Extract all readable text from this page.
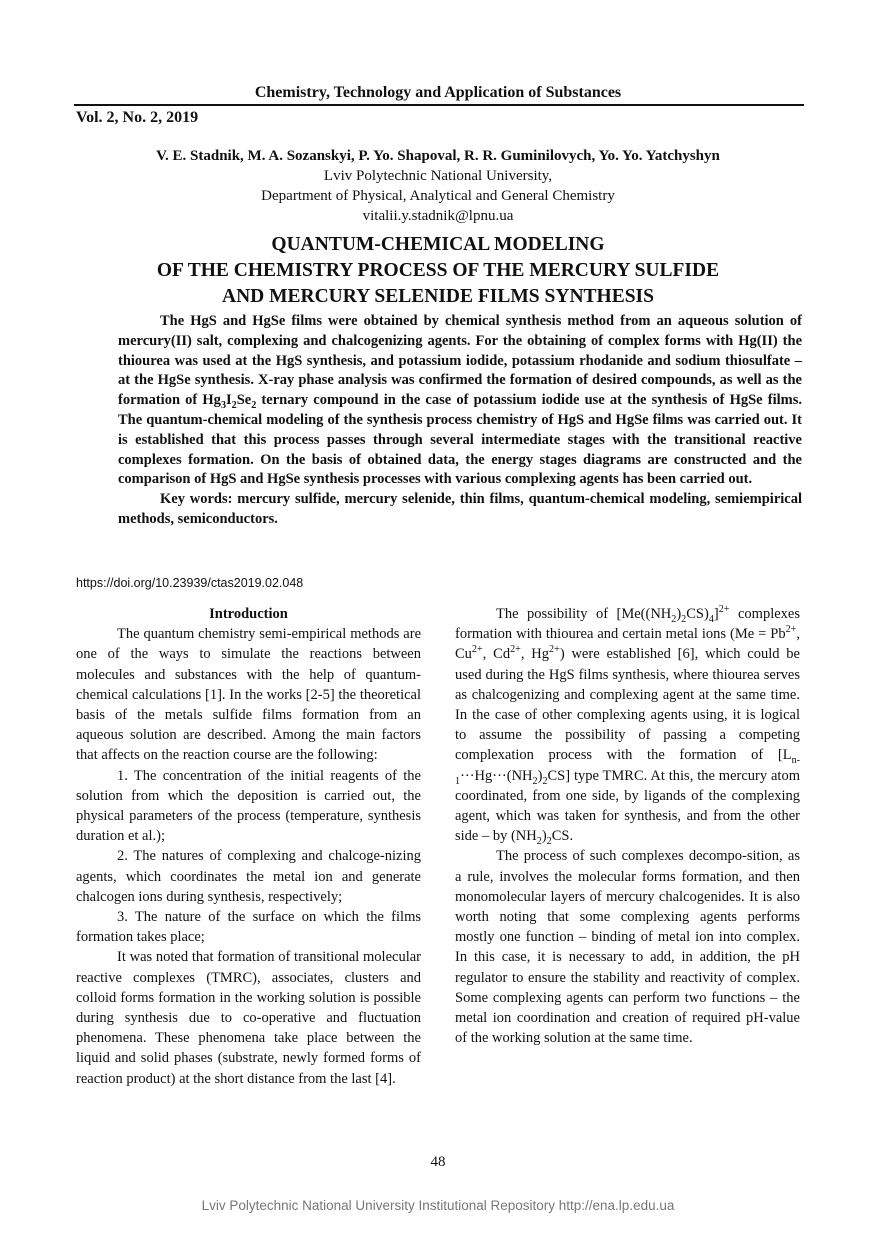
Chemistry, Technology and Application of Substances
Vol. 2, No. 2, 2019
V. E. Stadnik, M. A. Sozanskyi, P. Yo. Shapoval, R. R. Guminilovych, Yo. Yo. Yatchyshyn
Lviv Polytechnic National University,
Department of Physical, Analytical and General Chemistry
vitalii.y.stadnik@lpnu.ua
QUANTUM-CHEMICAL MODELING
OF THE CHEMISTRY PROCESS OF THE MERCURY SULFIDE
AND MERCURY SELENIDE FILMS SYNTHESIS

The HgS and HgSe films were obtained by chemical synthesis method from an aqueous solution of mercury(II) salt, complexing and chalcogenizing agents. For the obtaining of complex forms with Hg(II) the thiourea was used at the HgS synthesis, and potassium iodide, potassium rhodanide and sodium thiosulfate – at the HgSe synthesis. X-ray phase analysis was confirmed the formation of desired compounds, as well as the formation of $Hg_3I_2Se_2$ ternary compound in the case of potassium iodide use at the synthesis of HgSe films. The quantum-chemical modeling of the synthesis process chemistry of HgS and HgSe films was carried out. It is established that this process passes through several intermediate stages with the transitional reactive complexes formation. On the basis of obtained data, the energy stages diagrams are constructed and the comparison of HgS and HgSe synthesis processes with various complexing agents has been carried out.

Key words: mercury sulfide, mercury selenide, thin films, quantum-chemical modeling, semiempirical methods, semiconductors.

https://doi.org/10.23939/ctas2019.02.048
Introduction

The quantum chemistry semi-empirical methods are one of the ways to simulate the reactions between molecules and substances with the help of quantum-chemical calculations [1]. In the works [2-5] the theoretical basis of the metals sulfide films formation from an aqueous solution are described. Among the main factors that affects on the reaction course are the following:

1. The concentration of the initial reagents of the solution from which the deposition is carried out, the physical parameters of the process (temperature, synthesis duration et al.);

2. The natures of complexing and chalcoge-nizing agents, which coordinates the metal ion and generate chalcogen ions during synthesis, respectively;

3. The nature of the surface on which the films formation takes place;

It was noted that formation of transitional molecular reactive complexes (TMRC), associates, clusters and colloid forms formation in the working solution is possible during synthesis due to co-operative and fluctuation phenomena. These phenomena take place between the liquid and solid phases (substrate, newly formed forms of reaction product) at the short distance from the last [4].

The possibility of $[Me((NH_2)_2CS)_4]^{2+}$ complexes formation with thiourea and certain metal ions ($Me = Pb^{2+}$, $Cu^{2+}$, $Cd^{2+}$, $Hg^{2+}$) were established [6], which could be used during the HgS films synthesis, where thiourea serves as chalcogenizing and complexing agent at the same time. In the case of other complexing agents using, it is logical to assume the possibility of passing a competing complexation process with the formation of $[L_{n-1}\cdot\cdot\cdot Hg\cdot\cdot\cdot(NH_2)_2CS]$ type TMRC. At this, the mercury atom coordinated, from one side, by ligands of the complexing agent, which was taken for synthesis, and from the other side – by $(NH_2)_2CS$.

The process of such complexes decompo-sition, as a rule, involves the molecular forms formation, and then monomolecular layers of mercury chalcogenides. It is also worth noting that some complexing agents performs mostly one function – binding of metal ion into complex. In this case, it is necessary to add, in addition, the pH regulator to ensure the stability and reactivity of complex. Some complexing agents can perform two functions – the metal ion coordination and creation of required pH-value of the working solution at the same time.

48
Lviv Polytechnic National University Institutional Repository http://ena.lp.edu.ua
